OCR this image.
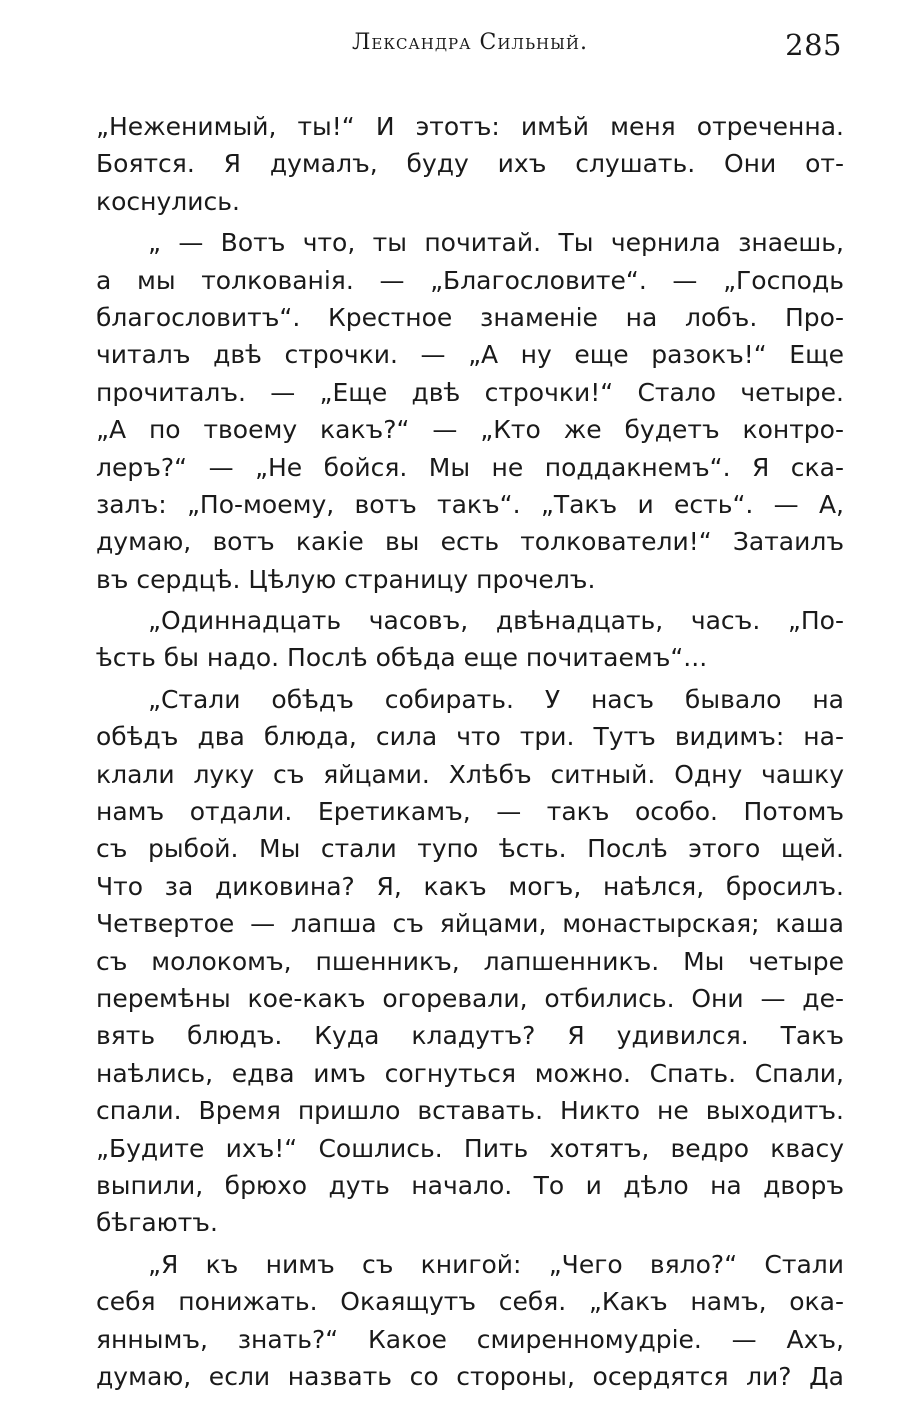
Лександра Сильный.	285
„Неженимый, ты!“ И этотъ: имѣй меня отреченна.
Боятся. Я думалъ, буду ихъ слушать. Они от-
коснулись.
„ — Вотъ что, ты почитай. Ты чернила знаешь,
а мы толкованія. — „Благословите“. — „Господь
благословитъ“. Крестное знаменіе на лобъ. Про-
читалъ двѣ строчки. — „А ну еще разокъ!“ Еще
прочиталъ. — „Еще двѣ строчки!“ Стало четыре.
„А по твоему какъ?“ — „Кто же будетъ контро-
леръ?“ — „Не бойся. Мы не поддакнемъ“. Я ска-
залъ: „По-моему, вотъ такъ“. „Такъ и есть“. — А,
думаю, вотъ какіе вы есть толкователи!“ Затаилъ
въ сердцѣ. Цѣлую страницу прочелъ.
„Одиннадцать часовъ, двѣнадцать, часъ. „По-
ѣсть бы надо. Послѣ обѣда еще почитаемъ“...
„Стали обѣдъ собирать. У насъ бывало на
обѣдъ два блюда, сила что три. Тутъ видимъ: на-
клали луку съ яйцами. Хлѣбъ ситный. Одну чашку
намъ отдали. Еретикамъ, — такъ особо. Потомъ
съ рыбой. Мы стали тупо ѣсть. Послѣ этого щей.
Что за диковина? Я, какъ могъ, наѣлся, бросилъ.
Четвертое — лапша съ яйцами, монастырская; каша
съ молокомъ, пшенникъ, лапшенникъ. Мы четыре
перемѣны кое-какъ огоревали, отбились. Они — де-
вять блюдъ. Куда кладутъ? Я удивился. Такъ
наѣлись, едва имъ согнуться можно. Спать. Спали,
спали. Время пришло вставать. Никто не выходитъ.
„Будите ихъ!“ Сошлись. Пить хотятъ, ведро квасу
выпили, брюхо дуть начало. То и дѣло на дворъ
бѣгаютъ.
„Я къ нимъ съ книгой: „Чего вяло?“ Стали
себя понижать. Окаящутъ себя. „Какъ намъ, ока-
яннымъ, знать?“ Какое смиренномудріе. — Ахъ,
думаю, если назвать со стороны, осердятся ли? Да
